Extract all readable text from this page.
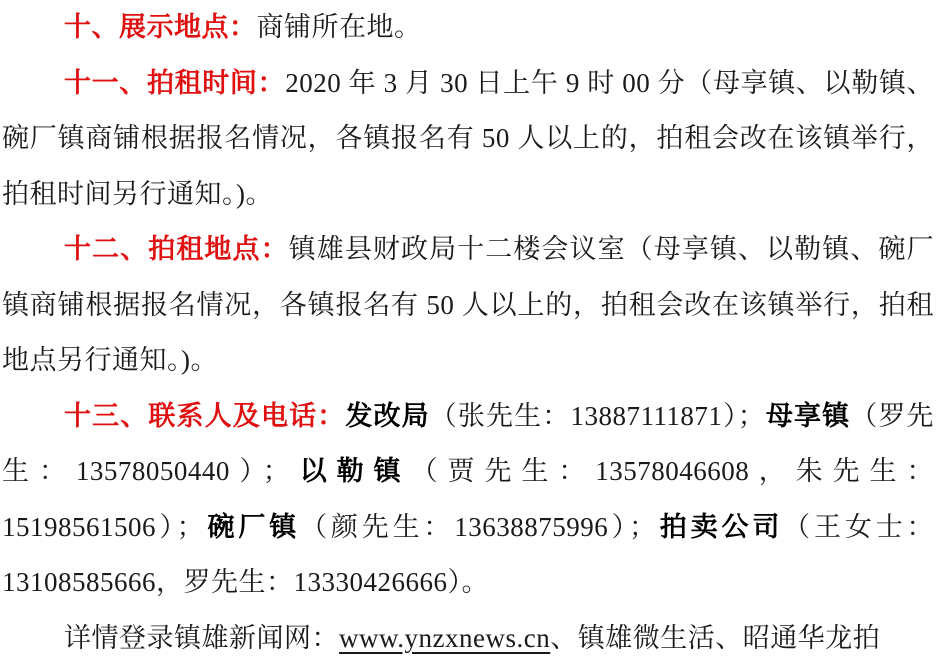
十、展示地点：商铺所在地。

十一、拍租时间：2020 年 3 月 30 日上午 9 时 00 分（母享镇、以勒镇、碗厂镇商铺根据报名情况，各镇报名有 50 人以上的，拍租会改在该镇举行，拍租时间另行通知。)。

十二、拍租地点：镇雄县财政局十二楼会议室（母享镇、以勒镇、碗厂镇商铺根据报名情况，各镇报名有 50 人以上的，拍租会改在该镇举行，拍租地点另行通知。)。

十三、联系人及电话：发改局（张先生：13887111871）；母享镇（罗先生：13578050440）；以勒镇（贾先生：13578046608，朱先生：15198561506）；碗厂镇（颜先生：13638875996）；拍卖公司（王女士：13108585666，罗先生：13330426666）。

详情登录镇雄新闻网：www.ynzxnews.cn、镇雄微生活、昭通华龙拍
